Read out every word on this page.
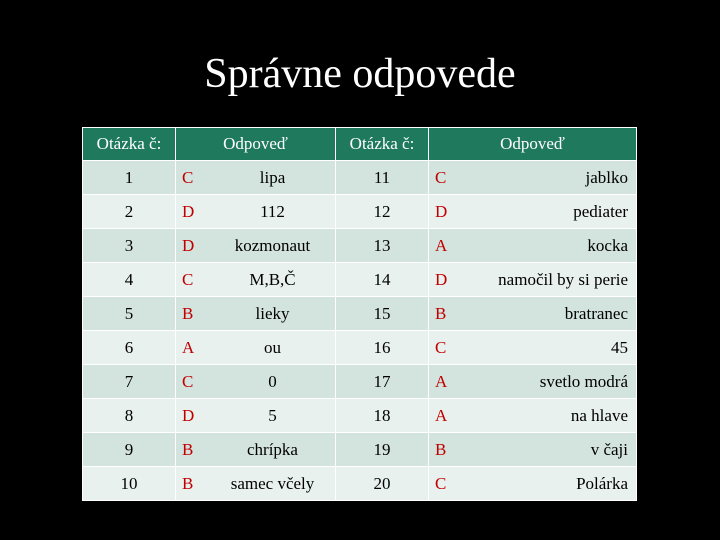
Správne odpovede
Otázka č:	Odpoveď	Otázka č:	Odpoveď
1	C lipa	11	C jablko

2	D 112	12	D pediater

3	D kozmonaut	13	A kocka

4	C M,B,Č	14	D namočil by si perie

5	B lieky	15	B bratranec

6	A ou	16	C 45

7	C 0	17	A svetlo modrá

8	D 5	18	A na hlave

9	B chrípka	19	B v čaji

10	B samec včely	20	C Polárka
